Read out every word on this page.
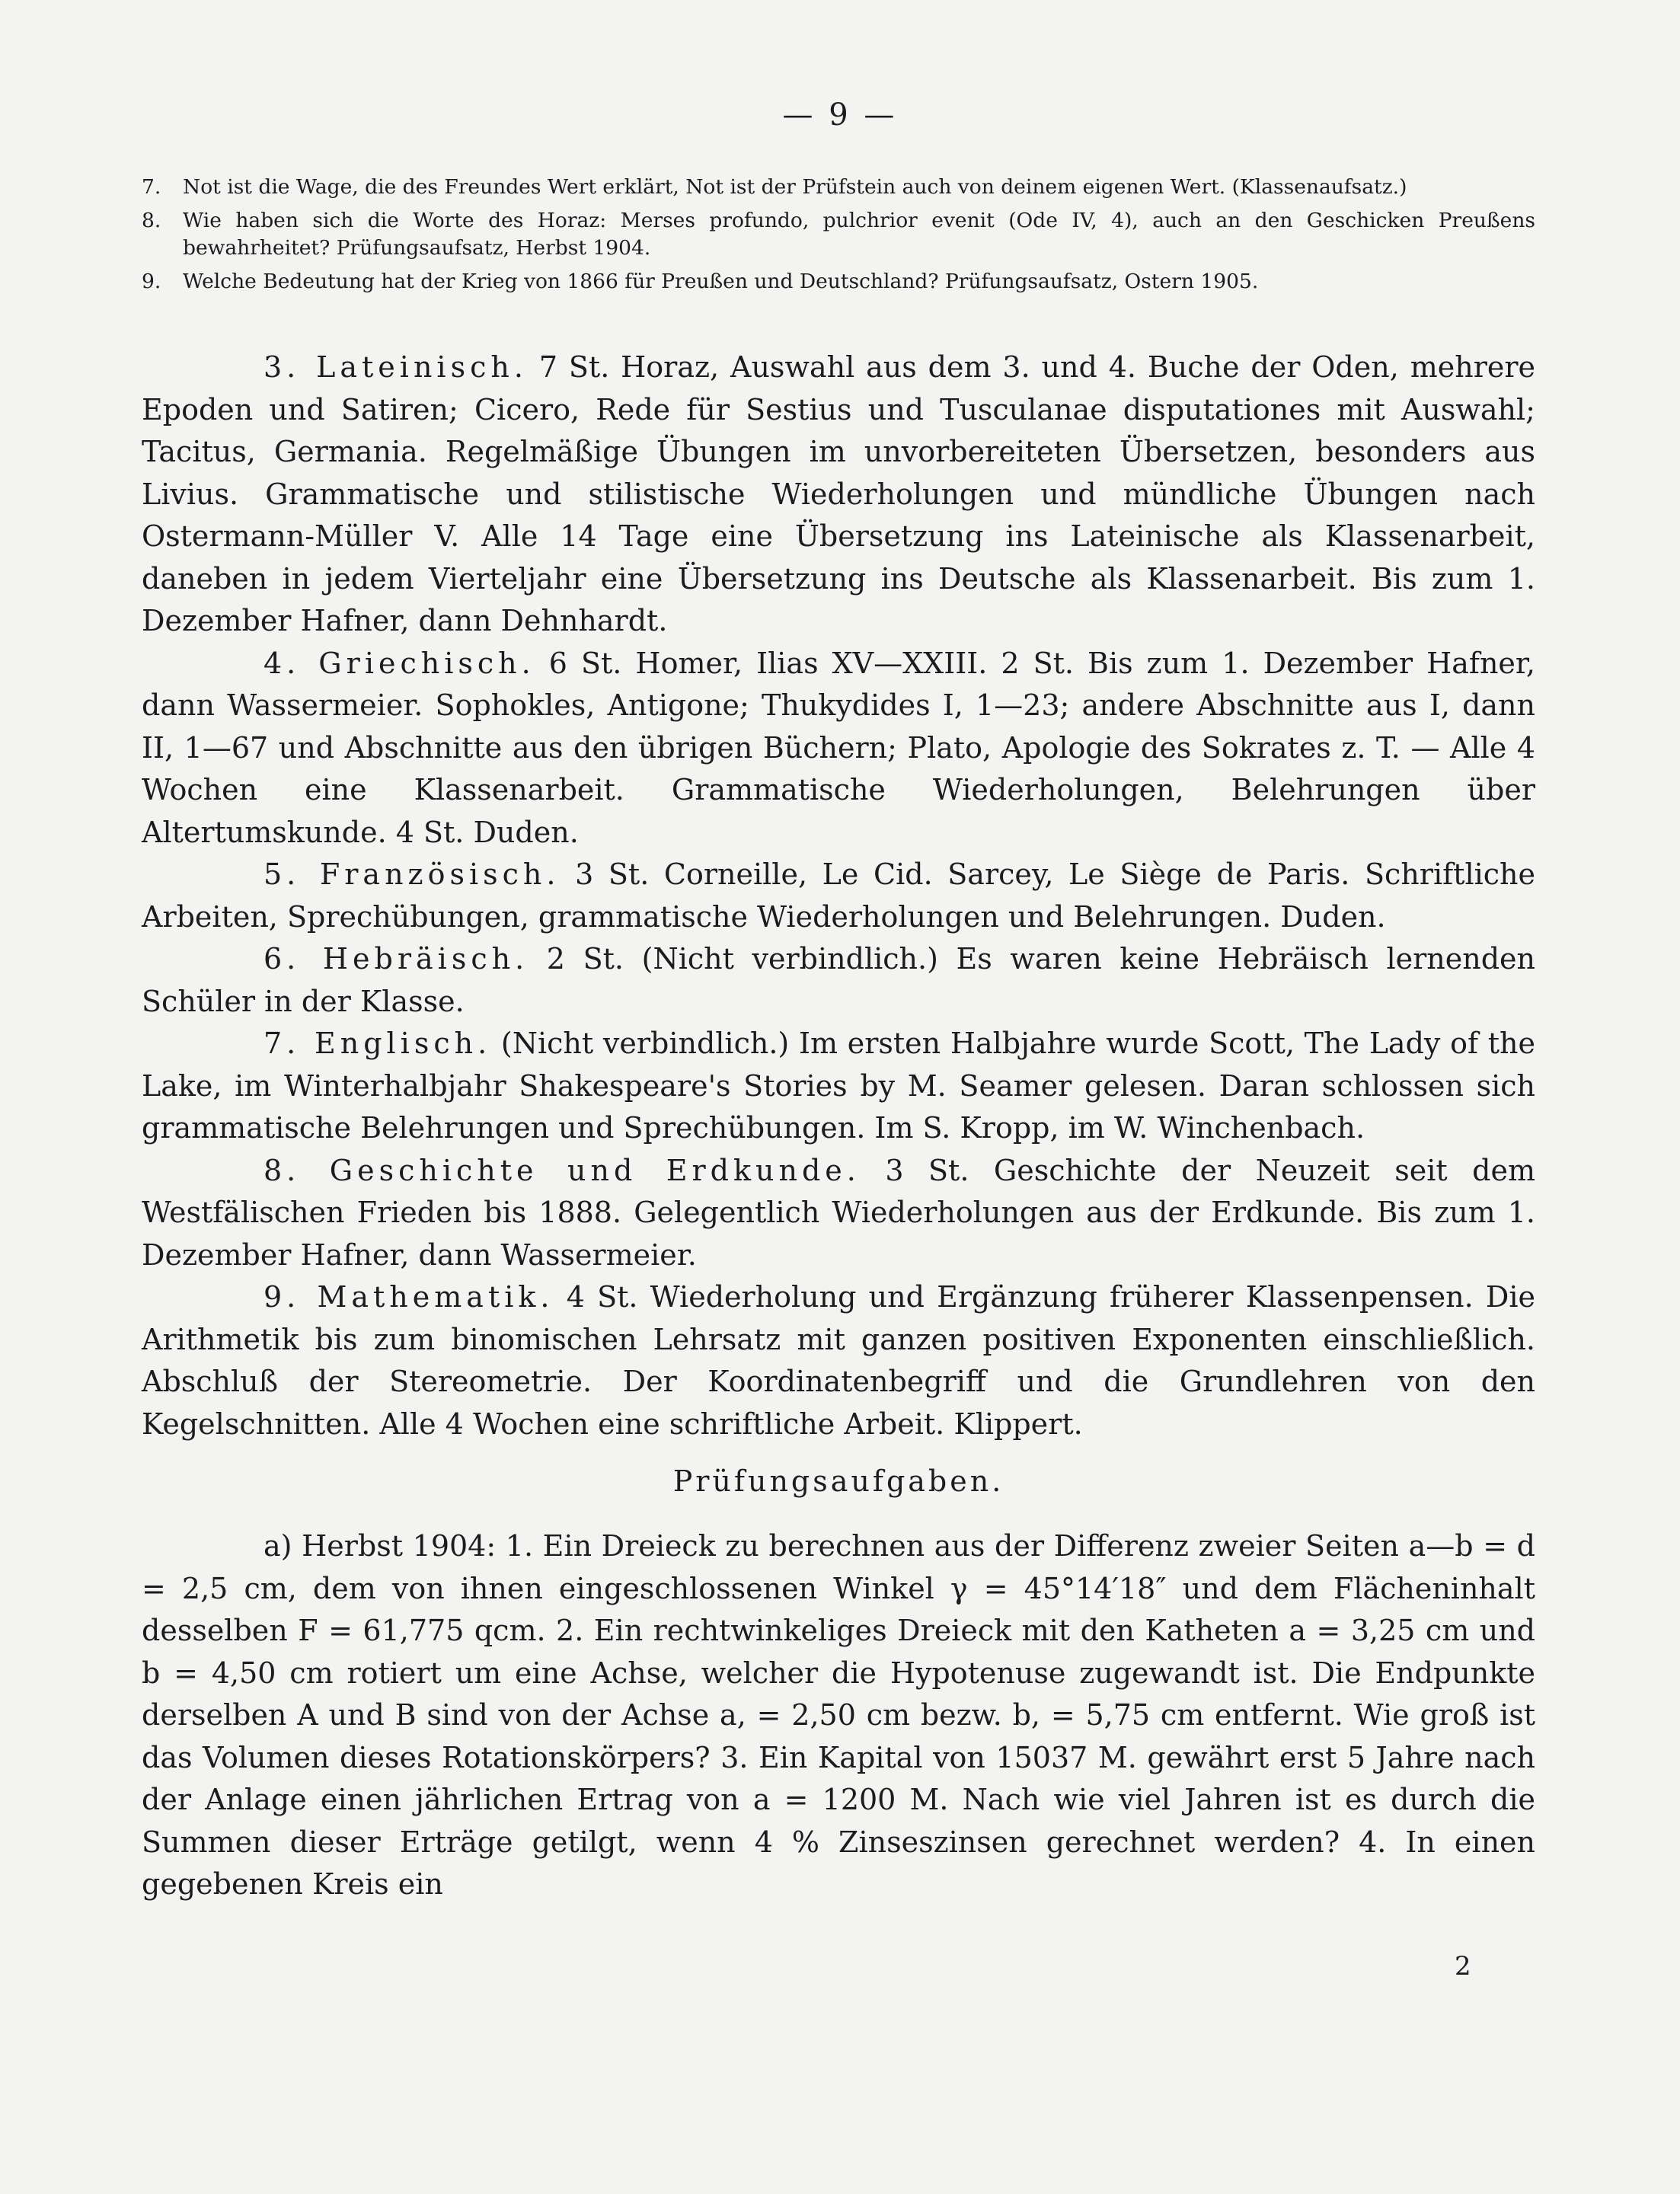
— 9 —
7.	Not ist die Wage, die des Freundes Wert erklärt, Not ist der Prüfstein auch von deinem eigenen Wert. (Klassenaufsatz.)
8.	Wie haben sich die Worte des Horaz: Merses profundo, pulchrior evenit (Ode IV, 4), auch an den Geschicken Preußens bewahrheitet? Prüfungsaufsatz, Herbst 1904.
9.	Welche Bedeutung hat der Krieg von 1866 für Preußen und Deutschland? Prüfungsaufsatz, Ostern 1905.

3. Lateinisch. 7 St. Horaz, Auswahl aus dem 3. und 4. Buche der Oden, mehrere Epoden und Satiren; Cicero, Rede für Sestius und Tusculanae disputationes mit Auswahl; Tacitus, Germania. Regelmäßige Übungen im unvorbereiteten Übersetzen, besonders aus Livius. Grammatische und stilistische Wiederholungen und mündliche Übungen nach Ostermann-Müller V. Alle 14 Tage eine Übersetzung ins Lateinische als Klassenarbeit, daneben in jedem Vierteljahr eine Übersetzung ins Deutsche als Klassenarbeit. Bis zum 1. Dezember Hafner, dann Dehnhardt.

4. Griechisch. 6 St. Homer, Ilias XV—XXIII. 2 St. Bis zum 1. Dezember Hafner, dann Wassermeier. Sophokles, Antigone; Thukydides I, 1—23; andere Abschnitte aus I, dann II, 1—67 und Abschnitte aus den übrigen Büchern; Plato, Apologie des Sokrates z. T. — Alle 4 Wochen eine Klassenarbeit. Grammatische Wiederholungen, Belehrungen über Altertumskunde. 4 St. Duden.

5. Französisch. 3 St. Corneille, Le Cid. Sarcey, Le Siège de Paris. Schriftliche Arbeiten, Sprechübungen, grammatische Wiederholungen und Belehrungen. Duden.

6. Hebräisch. 2 St. (Nicht verbindlich.) Es waren keine Hebräisch lernenden Schüler in der Klasse.

7. Englisch. (Nicht verbindlich.) Im ersten Halbjahre wurde Scott, The Lady of the Lake, im Winterhalbjahr Shakespeare's Stories by M. Seamer gelesen. Daran schlossen sich grammatische Belehrungen und Sprechübungen. Im S. Kropp, im W. Winchenbach.

8. Geschichte und Erdkunde. 3 St. Geschichte der Neuzeit seit dem Westfälischen Frieden bis 1888. Gelegentlich Wiederholungen aus der Erdkunde. Bis zum 1. Dezember Hafner, dann Wassermeier.

9. Mathematik. 4 St. Wiederholung und Ergänzung früherer Klassenpensen. Die Arithmetik bis zum binomischen Lehrsatz mit ganzen positiven Exponenten einschließlich. Abschluß der Stereometrie. Der Koordinatenbegriff und die Grundlehren von den Kegelschnitten. Alle 4 Wochen eine schriftliche Arbeit. Klippert.

Prüfungsaufgaben.

a) Herbst 1904: 1. Ein Dreieck zu berechnen aus der Differenz zweier Seiten a—b = d = 2,5 cm, dem von ihnen eingeschlossenen Winkel γ = 45°14′18″ und dem Flächeninhalt desselben F = 61,775 qcm. 2. Ein rechtwinkeliges Dreieck mit den Katheten a = 3,25 cm und b = 4,50 cm rotiert um eine Achse, welcher die Hypotenuse zugewandt ist. Die Endpunkte derselben A und B sind von der Achse a, = 2,50 cm bezw. b, = 5,75 cm entfernt. Wie groß ist das Volumen dieses Rotationskörpers? 3. Ein Kapital von 15037 M. gewährt erst 5 Jahre nach der Anlage einen jährlichen Ertrag von a = 1200 M. Nach wie viel Jahren ist es durch die Summen dieser Erträge getilgt, wenn 4 % Zinseszinsen gerechnet werden? 4. In einen gegebenen Kreis ein

2
